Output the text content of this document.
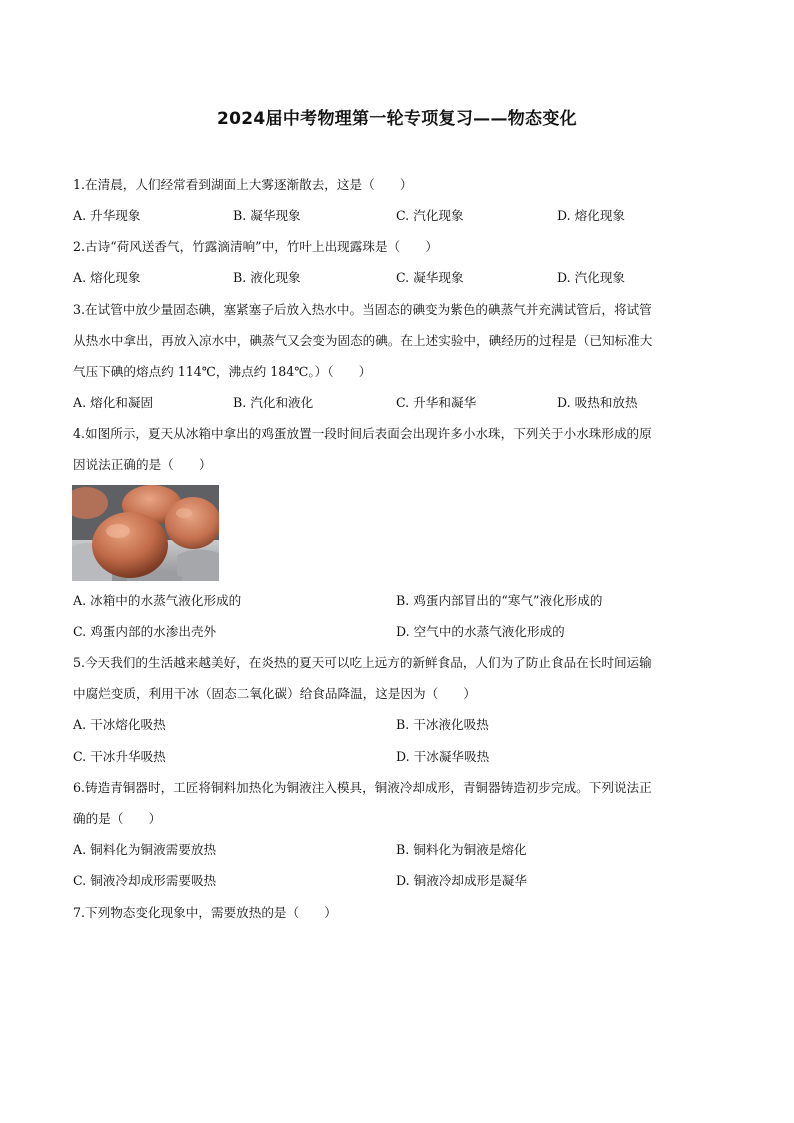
2024届中考物理第一轮专项复习——物态变化
1.在清晨，人们经常看到湖面上大雾逐渐散去，这是（　　）
A. 升华现象	B. 凝华现象	C. 汽化现象	D. 熔化现象
2.古诗“荷风送香气，竹露滴清响”中，竹叶上出现露珠是（　　）
A. 熔化现象	B. 液化现象	C. 凝华现象	D. 汽化现象
3.在试管中放少量固态碘，塞紧塞子后放入热水中。当固态的碘变为紫色的碘蒸气并充满试管后，将试管
从热水中拿出，再放入凉水中，碘蒸气又会变为固态的碘。在上述实验中，碘经历的过程是（已知标准大
气压下碘的熔点约 114℃，沸点约 184℃。）（　　）
A. 熔化和凝固	B. 汽化和液化	C. 升华和凝华	D. 吸热和放热
4.如图所示，夏天从冰箱中拿出的鸡蛋放置一段时间后表面会出现许多小水珠，下列关于小水珠形成的原
因说法正确的是（　　）
A. 冰箱中的水蒸气液化形成的	B. 鸡蛋内部冒出的“寒气”液化形成的
C. 鸡蛋内部的水渗出壳外	D. 空气中的水蒸气液化形成的
5.今天我们的生活越来越美好，在炎热的夏天可以吃上远方的新鲜食品，人们为了防止食品在长时间运输
中腐烂变质，利用干冰（固态二氧化碳）给食品降温，这是因为（　　）
A. 干冰熔化吸热	B. 干冰液化吸热
C. 干冰升华吸热	D. 干冰凝华吸热
6.铸造青铜器时，工匠将铜料加热化为铜液注入模具，铜液冷却成形，青铜器铸造初步完成。下列说法正
确的是（　　）
A. 铜料化为铜液需要放热	B. 铜料化为铜液是熔化
C. 铜液冷却成形需要吸热	D. 铜液冷却成形是凝华
7.下列物态变化现象中，需要放热的是（　　）
